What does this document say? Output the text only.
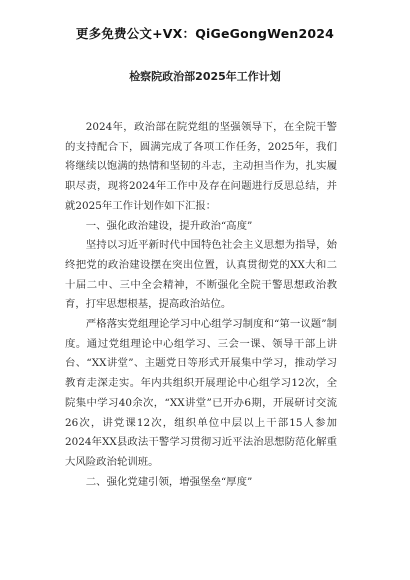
更多免费公文+VX：QiGeGongWen2024
检察院政治部2025年工作计划

2024年，政治部在院党组的坚强领导下，在全院干警的支持配合下，圆满完成了各项工作任务，2025年，我们将继续以饱满的热情和坚韧的斗志，主动担当作为，扎实履职尽责，现将2024年工作中及存在问题进行反思总结，并就2025年工作计划作如下汇报：

一、强化政治建设，提升政治“高度”

坚持以习近平新时代中国特色社会主义思想为指导，始终把党的政治建设摆在突出位置，认真贯彻党的XX大和二十届二中、三中全会精神，不断强化全院干警思想政治教育，打牢思想根基，提高政治站位。

严格落实党组理论学习中心组学习制度和“第一议题”制度。通过党组理论中心组学习、三会一课、领导干部上讲台、“XX讲堂”、主题党日等形式开展集中学习，推动学习教育走深走实。年内共组织开展理论中心组学习12次，全院集中学习40余次，“XX讲堂”已开办6期，开展研讨交流26次，讲党课12次，组织单位中层以上干部15人参加2024年XX县政法干警学习贯彻习近平法治思想防范化解重大风险政治轮训班。

二、强化党建引领，增强堡垒“厚度”
